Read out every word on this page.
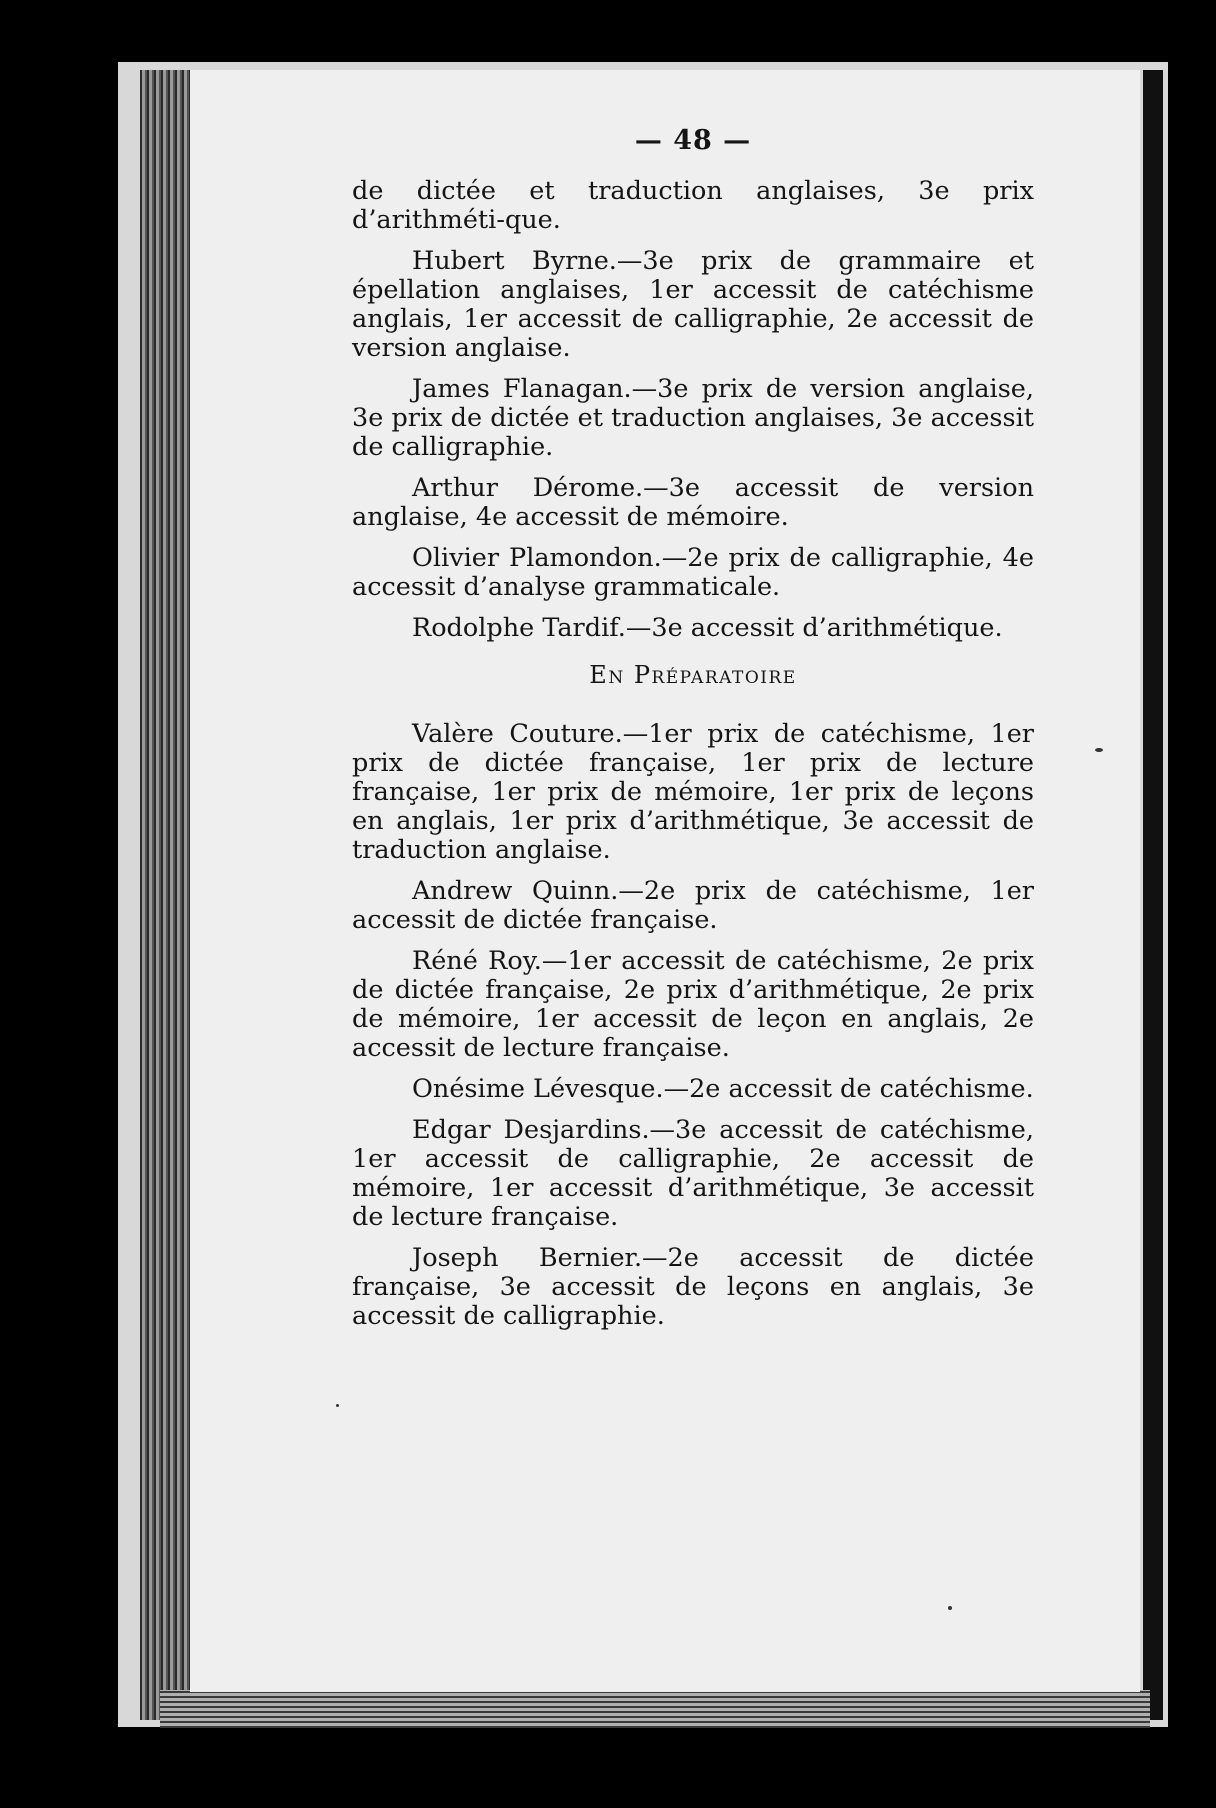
— 48 —

de dictée et traduction anglaises, 3e prix d’arithméti-que.

Hubert Byrne.—3e prix de grammaire et épellation anglaises, 1er accessit de catéchisme anglais, 1er accessit de calligraphie, 2e accessit de version anglaise.

James Flanagan.—3e prix de version anglaise, 3e prix de dictée et traduction anglaises, 3e accessit de calligraphie.

Arthur Dérome.—3e accessit de version anglaise, 4e accessit de mémoire.

Olivier Plamondon.—2e prix de calligraphie, 4e accessit d’analyse grammaticale.

Rodolphe Tardif.—3e accessit d’arithmétique.

En Préparatoire

Valère Couture.—1er prix de catéchisme, 1er prix de dictée française, 1er prix de lecture française, 1er prix de mémoire, 1er prix de leçons en anglais, 1er prix d’arithmétique, 3e accessit de traduction anglaise.

Andrew Quinn.—2e prix de catéchisme, 1er accessit de dictée française.

Réné Roy.—1er accessit de catéchisme, 2e prix de dictée française, 2e prix d’arithmétique, 2e prix de mémoire, 1er accessit de leçon en anglais, 2e accessit de lecture française.

Onésime Lévesque.—2e accessit de catéchisme.

Edgar Desjardins.—3e accessit de catéchisme, 1er accessit de calligraphie, 2e accessit de mémoire, 1er accessit d’arithmétique, 3e accessit de lecture française.

Joseph Bernier.—2e accessit de dictée française, 3e accessit de leçons en anglais, 3e accessit de calligraphie.
